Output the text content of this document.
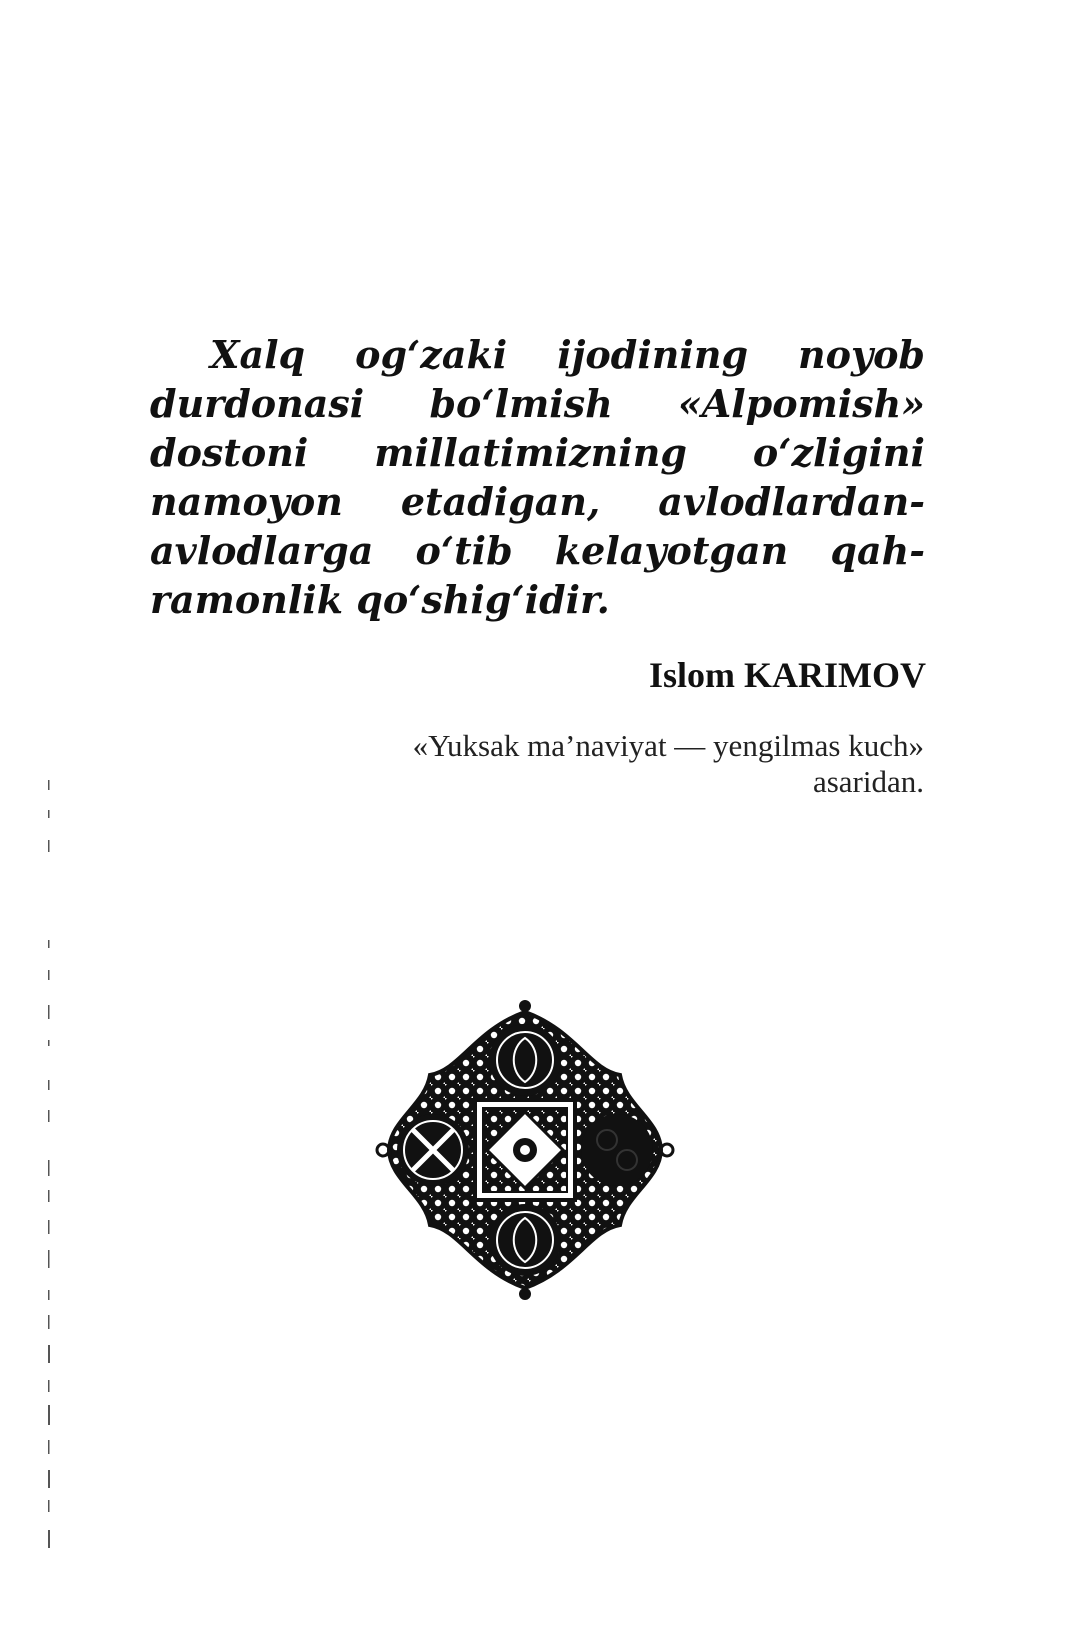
Xalq og‘zaki ijodining noyob
durdonasi bo‘lmish «Alpomish»
dostoni millatimizning o‘zligini
namoyon etadigan, avlodlardan-
avlodlarga o‘tib kelayotgan qah-
ramonlik qo‘shig‘idir.
Islom KARIMOV
«Yuksak ma’naviyat — yengilmas kuch»
asaridan.
